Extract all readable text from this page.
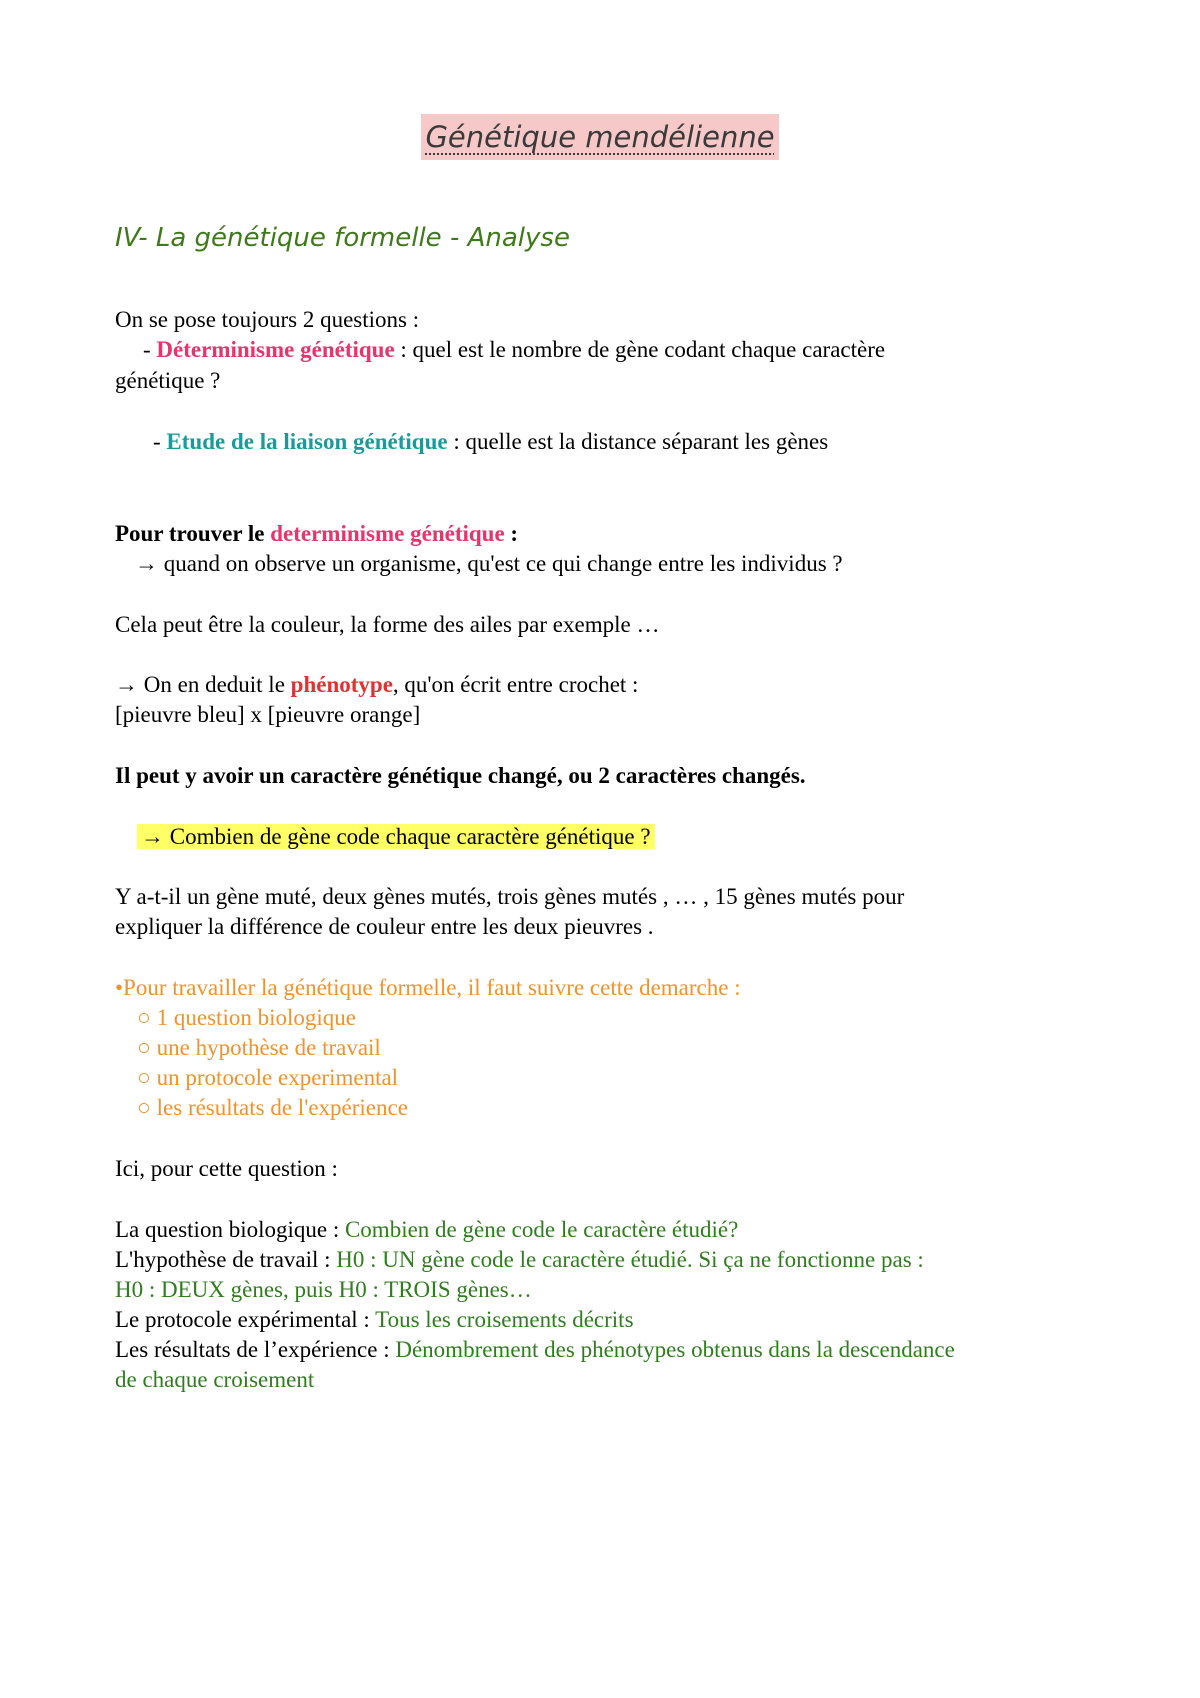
Génétique mendélienne
IV- La génétique formelle - Analyse
On se pose toujours 2 questions :
- Déterminisme génétique : quel est le nombre de gène codant chaque caractère
génétique ?
- Etude de la liaison génétique : quelle est la distance séparant les gènes
Pour trouver le determinisme génétique :
→ quand on observe un organisme, qu'est ce qui change entre les individus ?
Cela peut être la couleur, la forme des ailes par exemple …
→ On en deduit le phénotype, qu'on écrit entre crochet :
[pieuvre bleu] x [pieuvre orange]
Il peut y avoir un caractère génétique changé, ou 2 caractères changés.
→ Combien de gène code chaque caractère génétique ?
Y a-t-il un gène muté, deux gènes mutés, trois gènes mutés , … , 15 gènes mutés pour
expliquer la différence de couleur entre les deux pieuvres .
•Pour travailler la génétique formelle, il faut suivre cette demarche :
○ 1 question biologique
○ une hypothèse de travail
○ un protocole experimental
○ les résultats de l'expérience
Ici, pour cette question :
La question biologique : Combien de gène code le caractère étudié?
L'hypothèse de travail : H0 : UN gène code le caractère étudié. Si ça ne fonctionne pas :
H0 : DEUX gènes, puis H0 : TROIS gènes…
Le protocole expérimental : Tous les croisements décrits
Les résultats de l’expérience : Dénombrement des phénotypes obtenus dans la descendance
de chaque croisement
